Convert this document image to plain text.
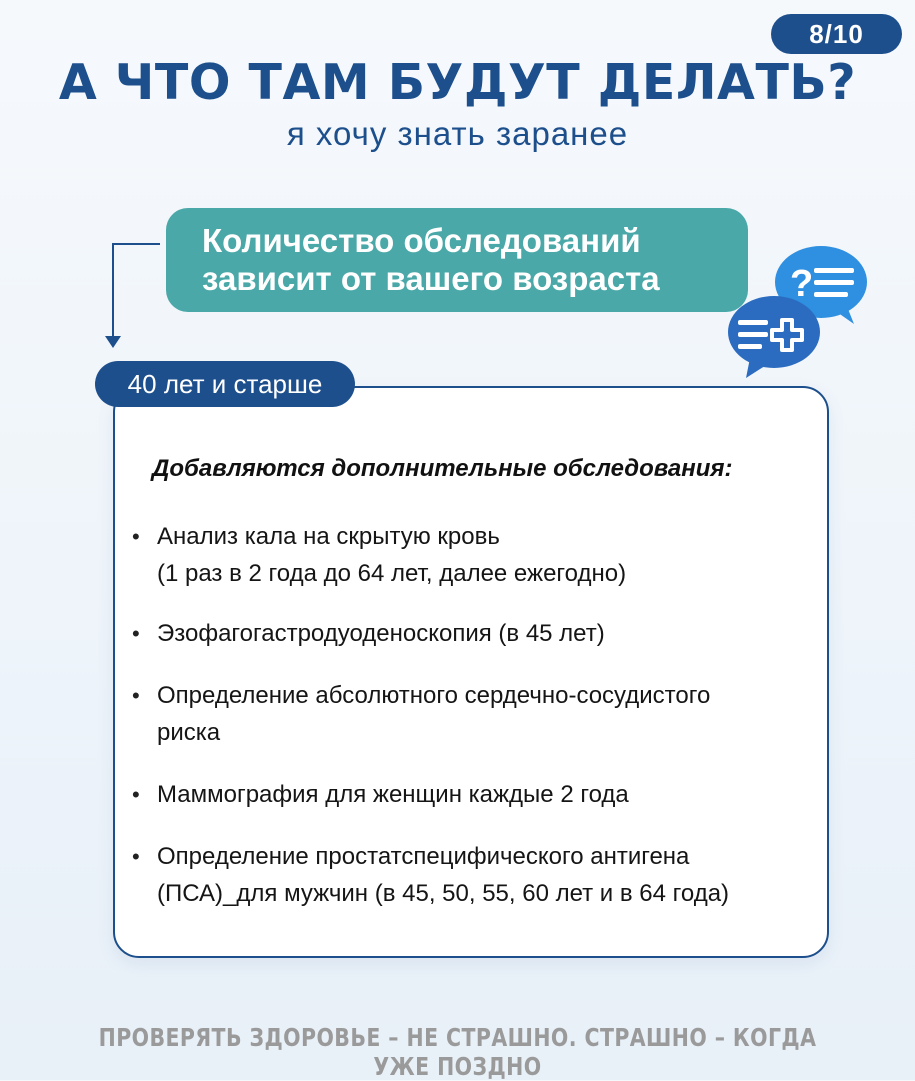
8/10
А ЧТО ТАМ БУДУТ ДЕЛАТЬ?
я хочу знать заранее
Количество обследований
зависит от вашего возраста	?
40 лет и старше
Добавляются дополнительные обследования:
• Анализ кала на скрытую кровь
(1 раз в 2 года до 64 лет, далее ежегодно)
• Эзофагогастродуоденоскопия (в 45 лет)
• Определение абсолютного сердечно-сосудистого
риска
• Маммография для женщин каждые 2 года
• Определение простатспецифического антигена
(ПСА)_для мужчин (в 45, 50, 55, 60 лет и в 64 года)
ПРОВЕРЯТЬ ЗДОРОВЬЕ – НЕ СТРАШНО. СТРАШНО – КОГДА УЖЕ ПОЗДНО
